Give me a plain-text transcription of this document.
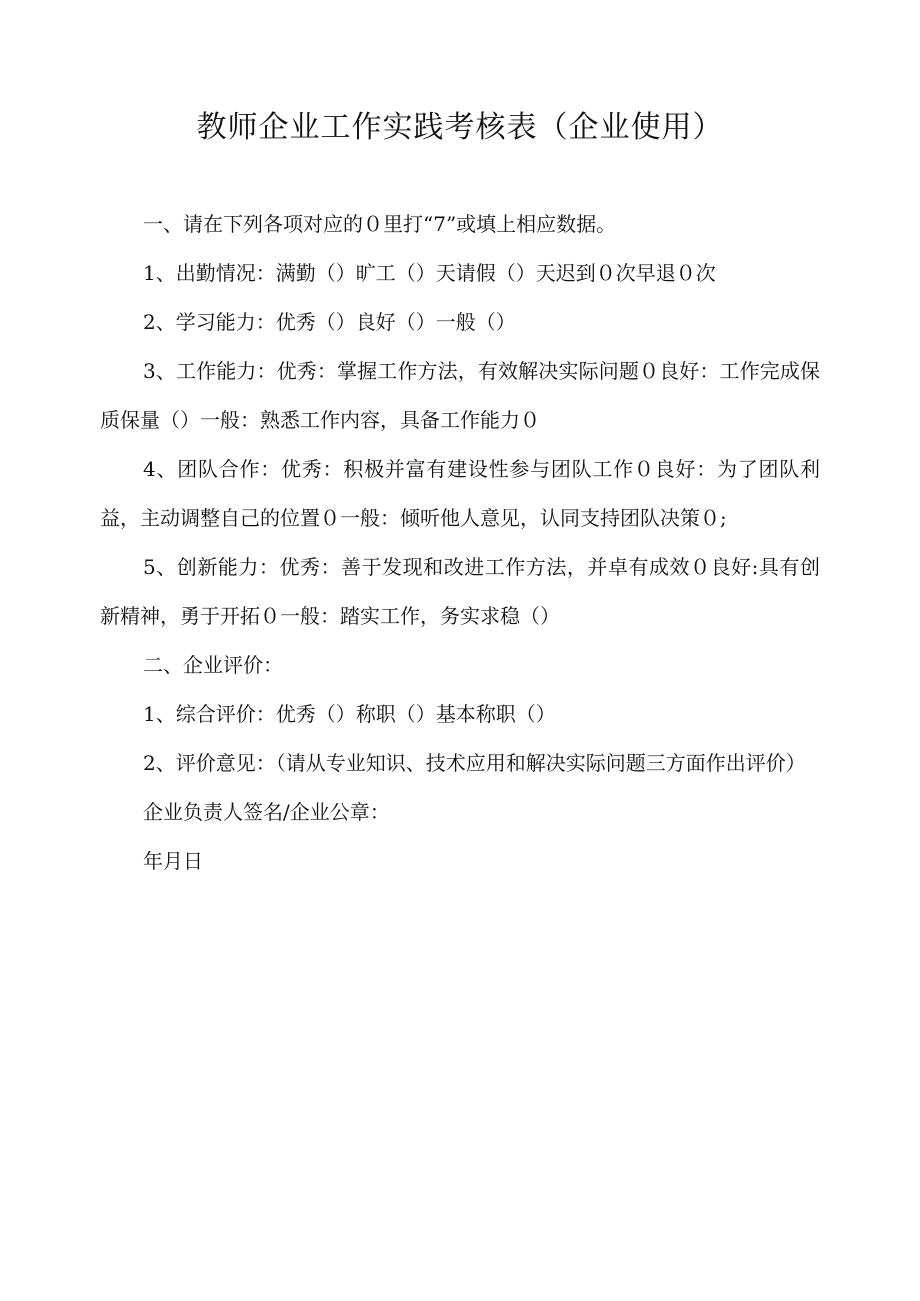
教师企业工作实践考核表（企业使用）

一、请在下列各项对应的０里打“7”或填上相应数据。

1、出勤情况：满勤（）旷工（）天请假（）天迟到０次早退０次

2、学习能力：优秀（）良好（）一般（）

3、工作能力：优秀：掌握工作方法，有效解决实际问题０良好：工作完成保质保量（）一般：熟悉工作内容，具备工作能力０

4、团队合作：优秀：积极并富有建设性参与团队工作０良好：为了团队利益，主动调整自己的位置０一般：倾听他人意见，认同支持团队决策０;

5、创新能力：优秀：善于发现和改进工作方法，并卓有成效０良好:具有创新精神，勇于开拓０一般：踏实工作，务实求稳（）

二、企业评价：

1、综合评价：优秀（）称职（）基本称职（）

2、评价意见：（请从专业知识、技术应用和解决实际问题三方面作出评价）

企业负责人签名/企业公章：

年月日
